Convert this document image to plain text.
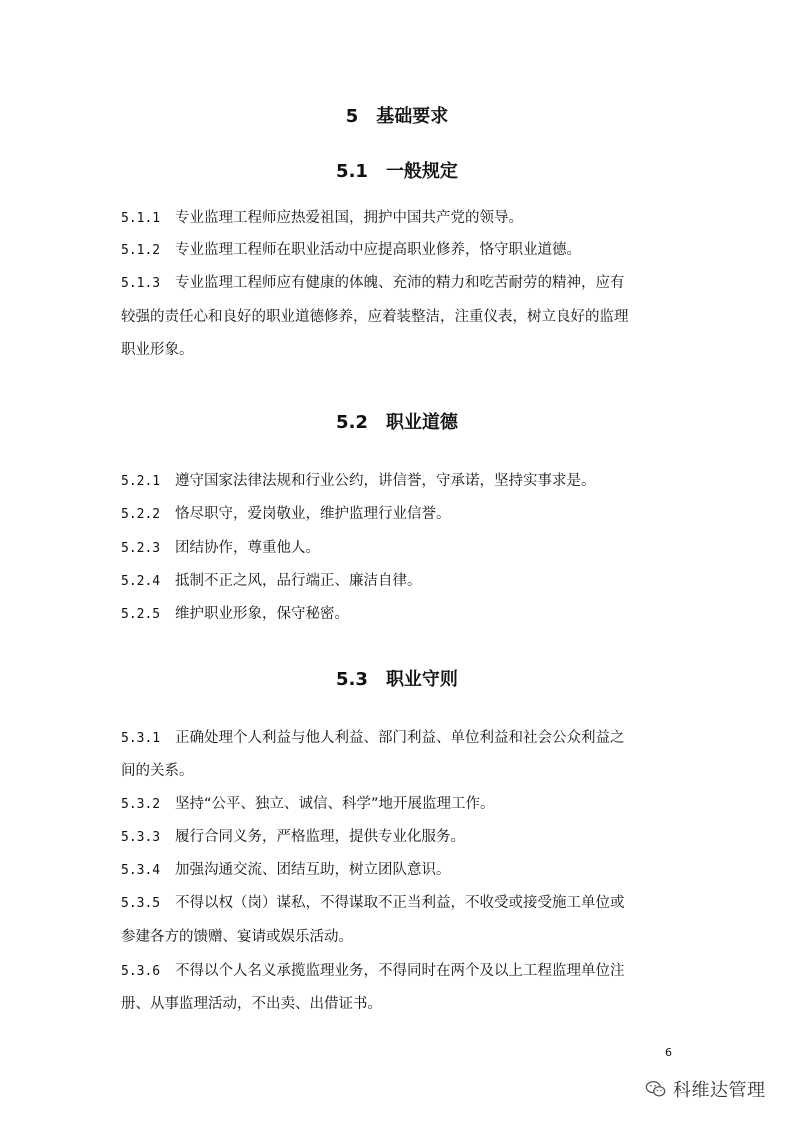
5 基础要求
5.1 一般规定
5.1.1 专业监理工程师应热爱祖国，拥护中国共产党的领导。
5.1.2 专业监理工程师在职业活动中应提高职业修养，恪守职业道德。
5.1.3 专业监理工程师应有健康的体魄、充沛的精力和吃苦耐劳的精神，应有
较强的责任心和良好的职业道德修养，应着装整洁，注重仪表，树立良好的监理
职业形象。
5.2 职业道德
5.2.1 遵守国家法律法规和行业公约，讲信誉，守承诺，坚持实事求是。
5.2.2 恪尽职守，爱岗敬业，维护监理行业信誉。
5.2.3 团结协作，尊重他人。
5.2.4 抵制不正之风，品行端正、廉洁自律。
5.2.5 维护职业形象，保守秘密。
5.3 职业守则
5.3.1 正确处理个人利益与他人利益、部门利益、单位利益和社会公众利益之
间的关系。
5.3.2 坚持“公平、独立、诚信、科学”地开展监理工作。
5.3.3 履行合同义务，严格监理，提供专业化服务。
5.3.4 加强沟通交流、团结互助，树立团队意识。
5.3.5 不得以权（岗）谋私，不得谋取不正当利益，不收受或接受施工单位或
参建各方的馈赠、宴请或娱乐活动。
5.3.6 不得以个人名义承揽监理业务，不得同时在两个及以上工程监理单位注
册、从事监理活动，不出卖、出借证书。
6
科维达管理
